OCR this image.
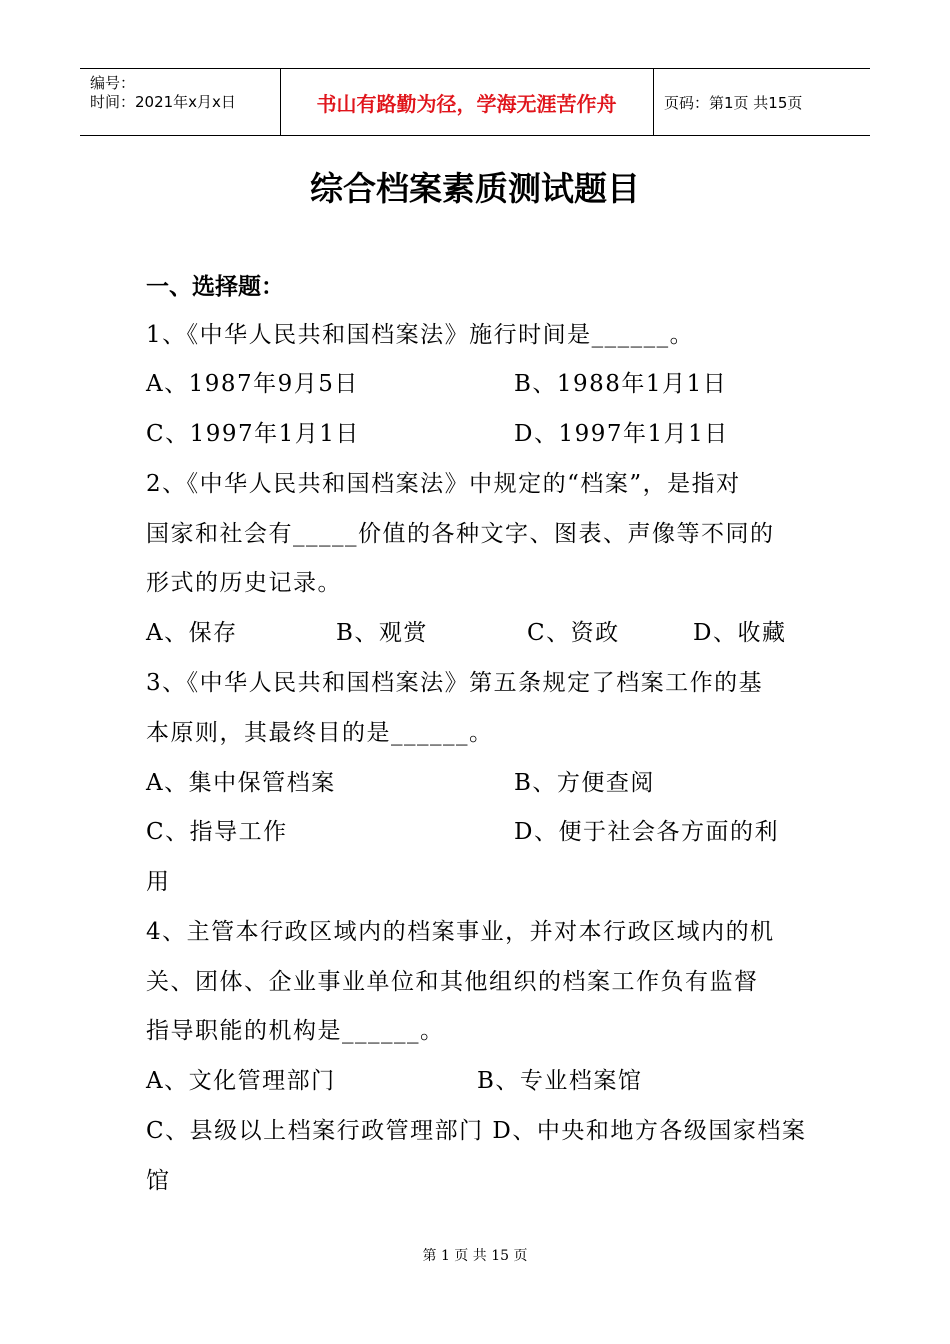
编号：
时间：2021年x月x日	书山有路勤为径，学海无涯苦作舟	页码：第1页 共15页
综合档案素质测试题目
一、选择题：
1、《中华人民共和国档案法》施行时间是______。
A、1987年9月5日	B、1988年1月1日
C、1997年1月1日	D、1997年1月1日
2、《中华人民共和国档案法》中规定的“档案”，是指对
国家和社会有_____价值的各种文字、图表、声像等不同的
形式的历史记录。
A、保存	B、观赏	C、资政	D、收藏
3、《中华人民共和国档案法》第五条规定了档案工作的基
本原则，其最终目的是______。
A、集中保管档案	B、方便查阅
C、指导工作	D、便于社会各方面的利
用
4、主管本行政区域内的档案事业，并对本行政区域内的机
关、团体、企业事业单位和其他组织的档案工作负有监督
指导职能的机构是______。
A、文化管理部门	B、专业档案馆
C、县级以上档案行政管理部门 D、中央和地方各级国家档案
馆
第 1 页 共 15 页
